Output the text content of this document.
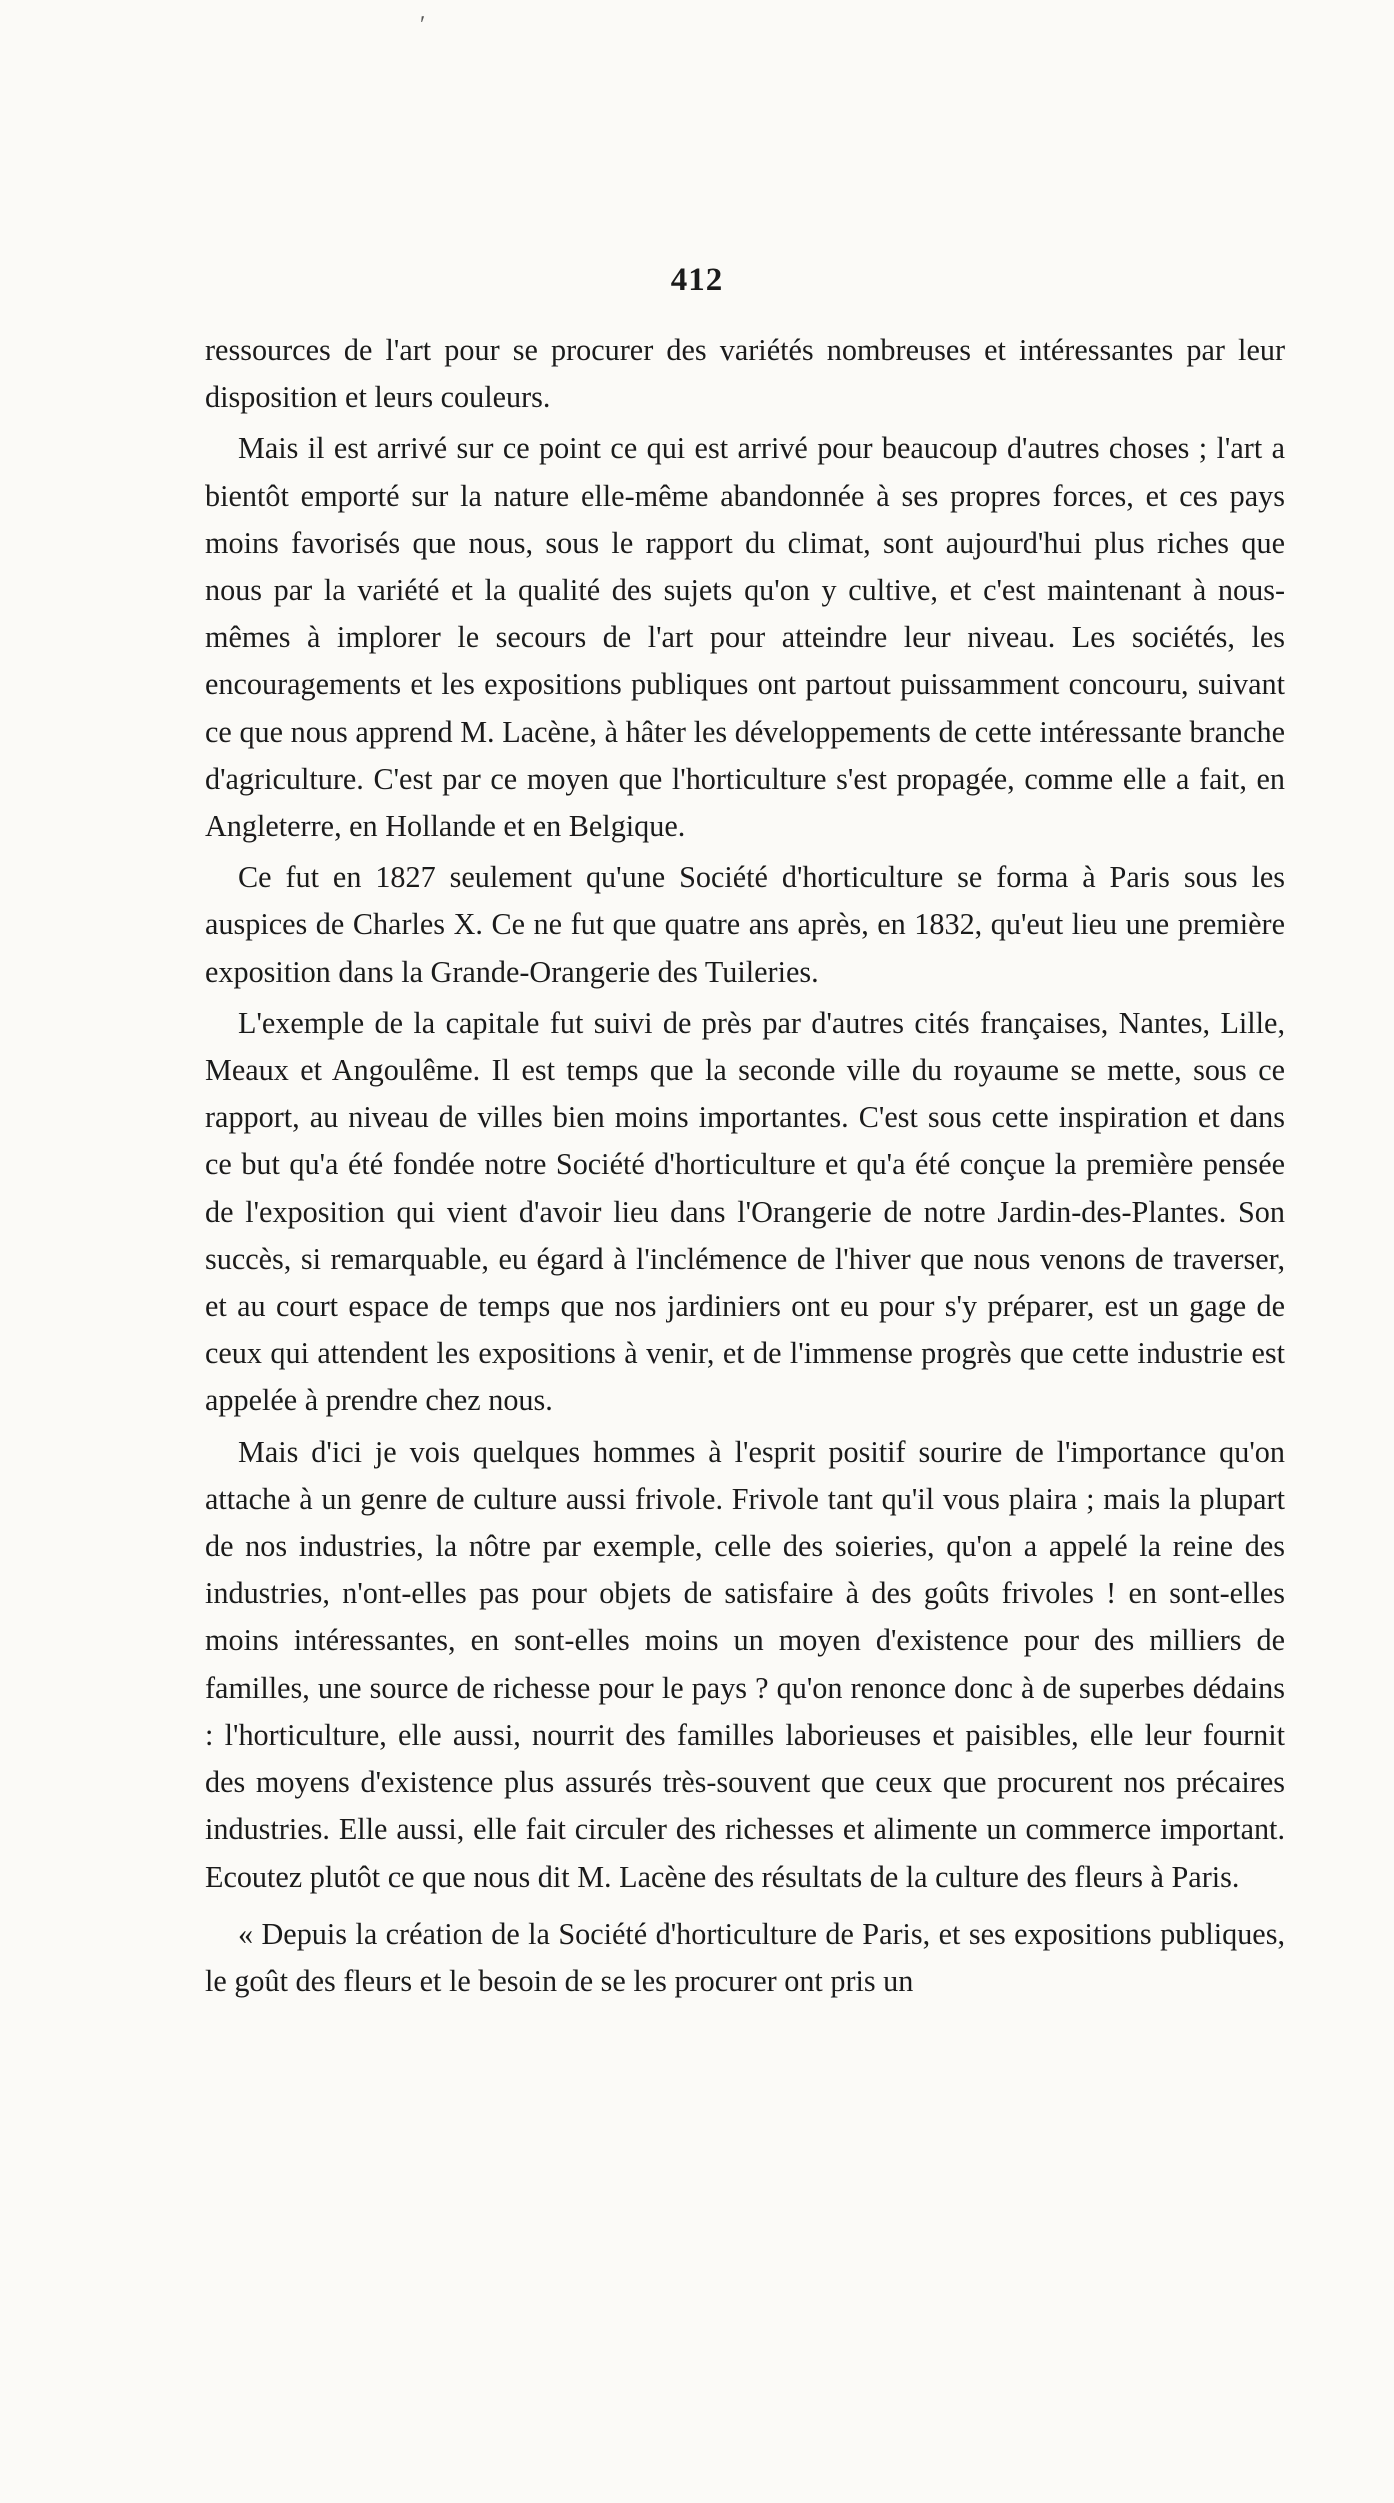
ʹ
412

ressources de l'art pour se procurer des variétés nombreuses et intéressantes par leur disposition et leurs couleurs.

Mais il est arrivé sur ce point ce qui est arrivé pour beaucoup d'autres choses ; l'art a bientôt emporté sur la nature elle-même abandonnée à ses propres forces, et ces pays moins favorisés que nous, sous le rapport du climat, sont aujourd'hui plus riches que nous par la variété et la qualité des sujets qu'on y cultive, et c'est maintenant à nous-mêmes à implorer le secours de l'art pour atteindre leur niveau. Les sociétés, les encouragements et les expositions publiques ont partout puissamment concouru, suivant ce que nous apprend M. Lacène, à hâter les développements de cette intéressante branche d'agriculture. C'est par ce moyen que l'horticulture s'est propagée, comme elle a fait, en Angleterre, en Hollande et en Belgique.

Ce fut en 1827 seulement qu'une Société d'horticulture se forma à Paris sous les auspices de Charles X. Ce ne fut que quatre ans après, en 1832, qu'eut lieu une première exposition dans la Grande-Orangerie des Tuileries.

L'exemple de la capitale fut suivi de près par d'autres cités françaises, Nantes, Lille, Meaux et Angoulême. Il est temps que la seconde ville du royaume se mette, sous ce rapport, au niveau de villes bien moins importantes. C'est sous cette inspiration et dans ce but qu'a été fondée notre Société d'horticulture et qu'a été conçue la première pensée de l'exposition qui vient d'avoir lieu dans l'Orangerie de notre Jardin-des-Plantes. Son succès, si remarquable, eu égard à l'inclémence de l'hiver que nous venons de traverser, et au court espace de temps que nos jardiniers ont eu pour s'y préparer, est un gage de ceux qui attendent les expositions à venir, et de l'immense progrès que cette industrie est appelée à prendre chez nous.

Mais d'ici je vois quelques hommes à l'esprit positif sourire de l'importance qu'on attache à un genre de culture aussi frivole. Frivole tant qu'il vous plaira ; mais la plupart de nos industries, la nôtre par exemple, celle des soieries, qu'on a appelé la reine des industries, n'ont-elles pas pour objets de satisfaire à des goûts frivoles ! en sont-elles moins intéressantes, en sont-elles moins un moyen d'existence pour des milliers de familles, une source de richesse pour le pays ? qu'on renonce donc à de superbes dédains : l'horticulture, elle aussi, nourrit des familles laborieuses et paisibles, elle leur fournit des moyens d'existence plus assurés très-souvent que ceux que procurent nos précaires industries. Elle aussi, elle fait circuler des richesses et alimente un commerce important. Ecoutez plutôt ce que nous dit M. Lacène des résultats de la culture des fleurs à Paris.

« Depuis la création de la Société d'horticulture de Paris, et ses expositions publiques, le goût des fleurs et le besoin de se les procurer ont pris un
